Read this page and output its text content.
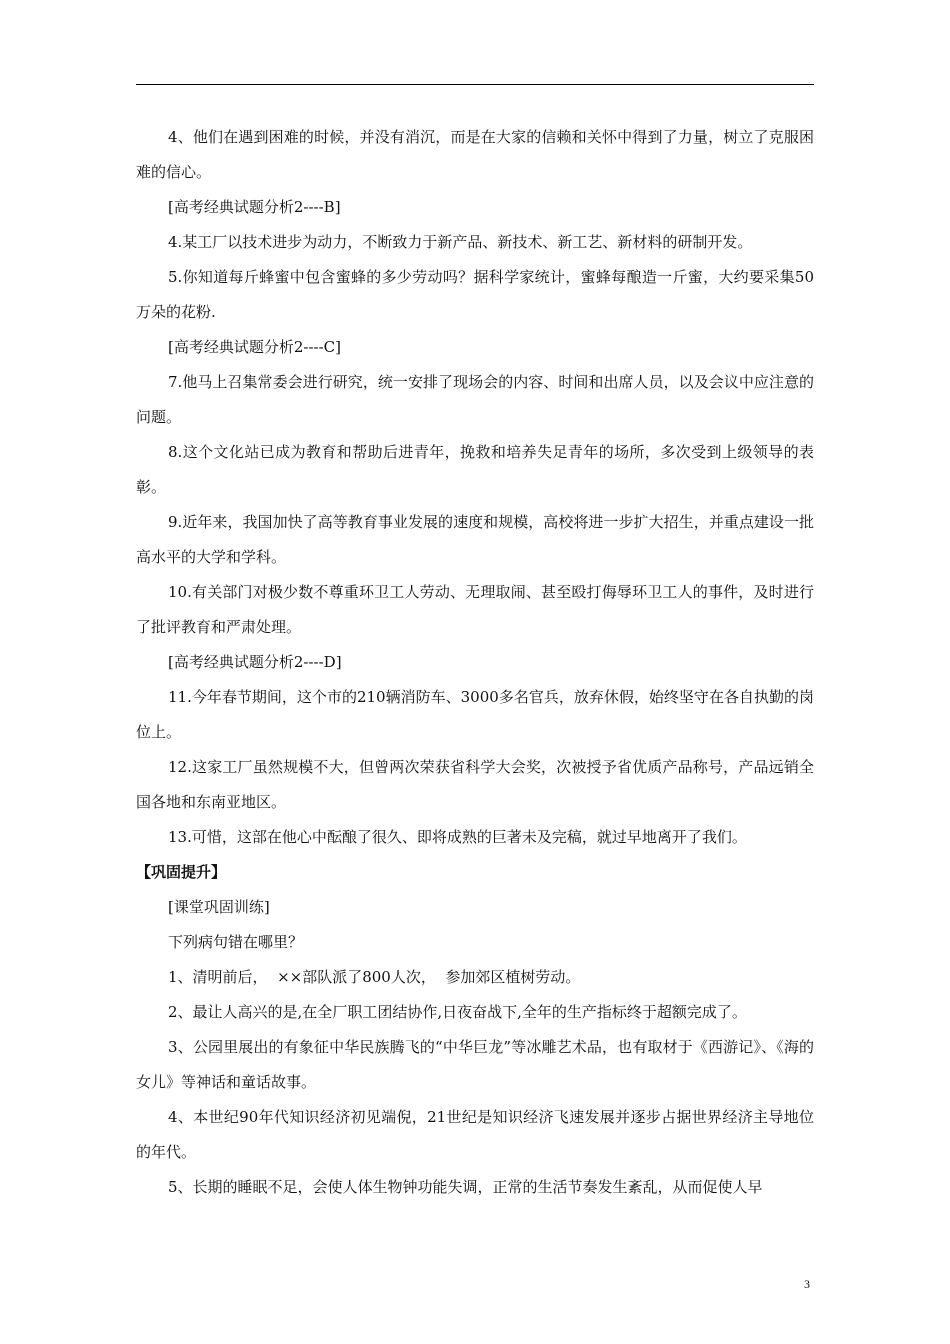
4、他们在遇到困难的时候，并没有消沉，而是在大家的信赖和关怀中得到了力量，树立了克服困难的信心。

[高考经典试题分析2----B]

4.某工厂以技术进步为动力，不断致力于新产品、新技术、新工艺、新材料的研制开发。

5.你知道每斤蜂蜜中包含蜜蜂的多少劳动吗？据科学家统计，蜜蜂每酿造一斤蜜，大约要采集50万朵的花粉.

[高考经典试题分析2----C]

7.他马上召集常委会进行研究，统一安排了现场会的内容、时间和出席人员，以及会议中应注意的问题。

8.这个文化站已成为教育和帮助后进青年，挽救和培养失足青年的场所，多次受到上级领导的表彰。

9.近年来，我国加快了高等教育事业发展的速度和规模，高校将进一步扩大招生，并重点建设一批高水平的大学和学科。

10.有关部门对极少数不尊重环卫工人劳动、无理取闹、甚至殴打侮辱环卫工人的事件，及时进行了批评教育和严肃处理。

[高考经典试题分析2----D]

11.今年春节期间，这个市的210辆消防车、3000多名官兵，放弃休假，始终坚守在各自执勤的岗位上。

12.这家工厂虽然规模不大，但曾两次荣获省科学大会奖，次被授予省优质产品称号，产品远销全国各地和东南亚地区。

13.可惜，这部在他心中酝酿了很久、即将成熟的巨著未及完稿，就过早地离开了我们。

【巩固提升】

[课堂巩固训练]

下列病句错在哪里？

1、清明前后，  ××部队派了800人次，  参加郊区植树劳动。

2、最让人高兴的是,在全厂职工团结协作,日夜奋战下,全年的生产指标终于超额完成了。

3、公园里展出的有象征中华民族腾飞的“中华巨龙”等冰雕艺术品，也有取材于《西游记》、《海的女儿》等神话和童话故事。

4、本世纪90年代知识经济初见端倪，21世纪是知识经济飞速发展并逐步占据世界经济主导地位的年代。

5、长期的睡眠不足，会使人体生物钟功能失调，正常的生活节奏发生紊乱，从而促使人早

3
